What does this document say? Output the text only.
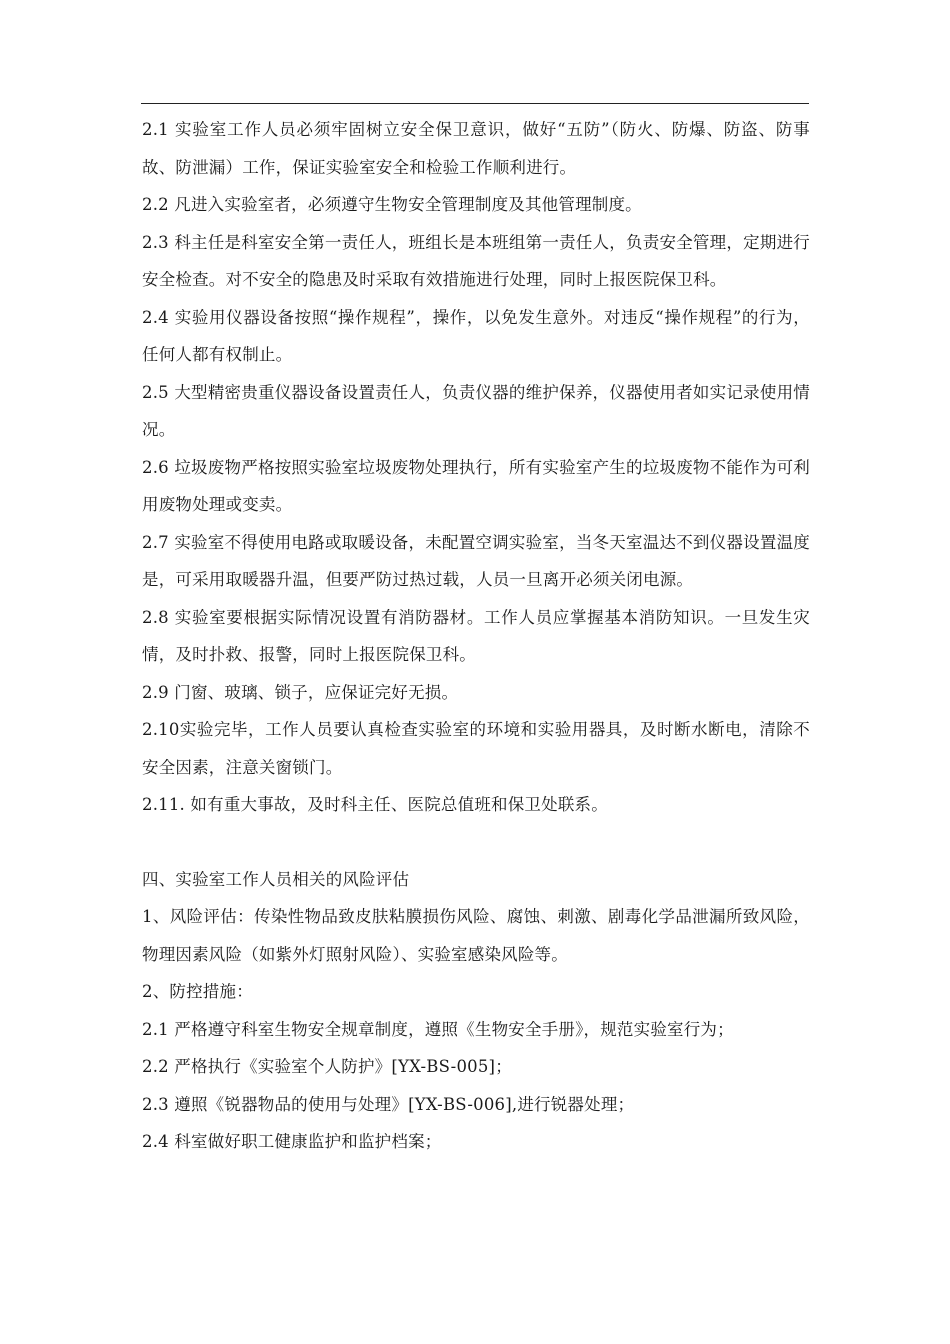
2.1 实验室工作人员必须牢固树立安全保卫意识，做好“五防”（防火、防爆、防盗、防事故、防泄漏）工作，保证实验室安全和检验工作顺利进行。

2.2 凡进入实验室者，必须遵守生物安全管理制度及其他管理制度。

2.3 科主任是科室安全第一责任人，班组长是本班组第一责任人，负责安全管理，定期进行安全检查。对不安全的隐患及时采取有效措施进行处理，同时上报医院保卫科。

2.4 实验用仪器设备按照“操作规程”，操作，以免发生意外。对违反“操作规程”的行为，任何人都有权制止。

2.5 大型精密贵重仪器设备设置责任人，负责仪器的维护保养，仪器使用者如实记录使用情况。

2.6 垃圾废物严格按照实验室垃圾废物处理执行，所有实验室产生的垃圾废物不能作为可利用废物处理或变卖。

2.7 实验室不得使用电路或取暖设备，未配置空调实验室，当冬天室温达不到仪器设置温度是，可采用取暖器升温，但要严防过热过载，人员一旦离开必须关闭电源。

2.8 实验室要根据实际情况设置有消防器材。工作人员应掌握基本消防知识。一旦发生灾情，及时扑救、报警，同时上报医院保卫科。

2.9 门窗、玻璃、锁子，应保证完好无损。

2.10实验完毕，工作人员要认真检查实验室的环境和实验用器具，及时断水断电，清除不安全因素，注意关窗锁门。

2.11. 如有重大事故，及时科主任、医院总值班和保卫处联系。

四、实验室工作人员相关的风险评估

1、风险评估：传染性物品致皮肤粘膜损伤风险、腐蚀、刺激、剧毒化学品泄漏所致风险，物理因素风险（如紫外灯照射风险）、实验室感染风险等。

2、防控措施：

2.1 严格遵守科室生物安全规章制度，遵照《生物安全手册》，规范实验室行为；

2.2 严格执行《实验室个人防护》[YX-BS-005]；

2.3 遵照《锐器物品的使用与处理》[YX-BS-006],进行锐器处理；

2.4 科室做好职工健康监护和监护档案；
